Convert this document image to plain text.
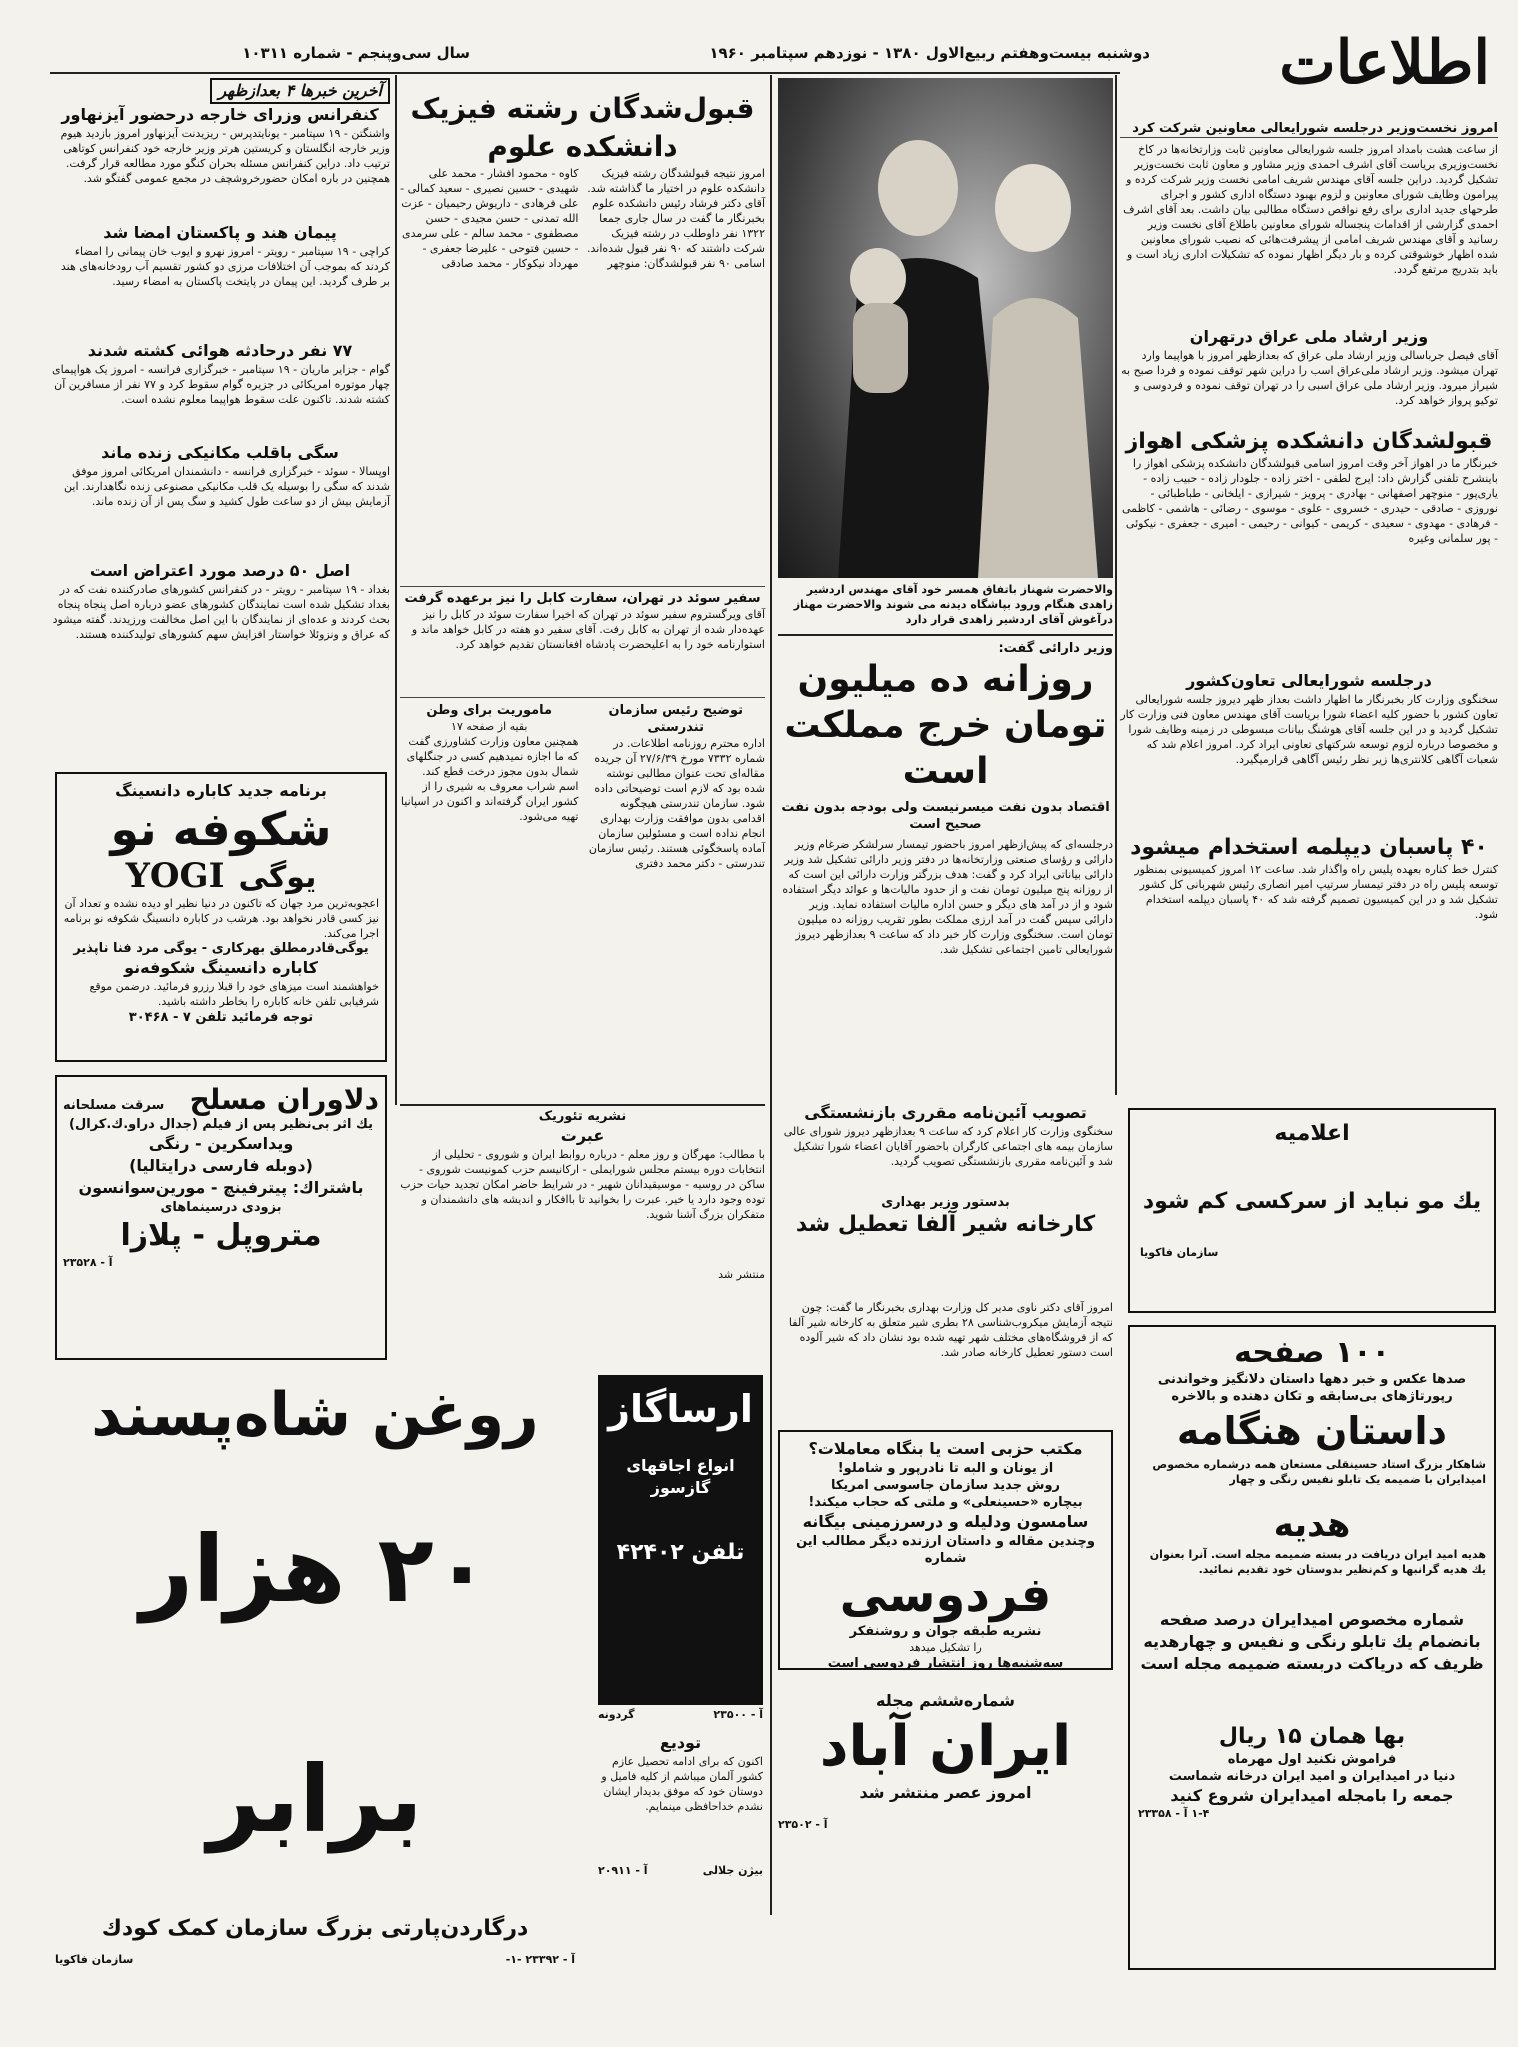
اطلاعات
دوشنبه بیست‌وهفتم ربیع‌الاول ۱۳۸۰ - نوزدهم سپتامبر ۱۹۶۰
سال سی‌وپنجم - شماره ۱۰۳۱۱
امروز نخست‌وزیر درجلسه شورایعالی معاونین شرکت کرد
از ساعت هشت بامداد امروز جلسه شورایعالی معاونین ثابت وزارتخانه‌ها در کاخ نخست‌وزیری بریاست آقای اشرف احمدی وزیر مشاور و معاون ثابت نخست‌وزیر تشکیل گردید. دراین جلسه آقای مهندس شریف امامی نخست وزیر شرکت کرده و پیرامون وظایف شورای معاونین و لزوم بهبود دستگاه اداری کشور و اجرای طرحهای جدید اداری برای رفع نواقص دستگاه مطالبی بیان داشت. بعد آقای اشرف احمدی گزارشی از اقدامات پنجساله شورای معاونین باطلاع آقای نخست وزیر رسانید و آقای مهندس شریف امامی از پیشرفت‌هائی که نصیب شورای معاونین شده اظهار خوشوقتی کرده و بار دیگر اظهار نموده که تشکیلات اداری زیاد است و باید بتدریج مرتفع گردد.
وزیر ارشاد ملی عراق درتهران
آقای فیصل جرباسالی وزیر ارشاد ملی عراق که بعدازظهر امروز با هواپیما وارد تهران میشود. وزیر ارشاد ملی‌عراق اسب را دراین شهر توقف نموده و فردا صبح به شیراز میرود. وزیر ارشاد ملی عراق اسبی را در تهران توقف نموده و فردوسی و توکیو پرواز خواهد کرد.
قبولشدگان دانشکده پزشکی اهواز
خبرنگار ما در اهواز آخر وقت امروز اسامی قبولشدگان دانشکده پزشکی اهواز را باینشرح تلفنی گزارش داد: ایرج لطفی - اختر زاده - جلودار زاده - حبیب زاده - یاری‌پور - منوچهر اصفهانی - بهادری - پرویز - شیرازی - ایلخانی - طباطبائی - نوروزی - صادقی - حیدری - خسروی - علوی - موسوی - رضائی - هاشمی - کاظمی - فرهادی - مهدوی - سعیدی - کریمی - کیوانی - رحیمی - امیری - جعفری - نیکوئی - پور سلمانی وغیره
درجلسه شورایعالی تعاون‌کشور
سخنگوی وزارت کار بخبرنگار ما اظهار داشت بعداز ظهر دیروز جلسه شورایعالی تعاون کشور با حضور کلیه اعضاء شورا بریاست آقای مهندس معاون فنی وزارت کار تشکیل گردید و در این جلسه آقای هوشنگ بیانات مبسوطی در زمینه وظایف شورا و مخصوصا درباره لزوم توسعه شرکتهای تعاونی ایراد کرد. امروز اعلام شد که شعبات آگاهی کلانتری‌ها زیر نظر رئیس آگاهی قرارمیگیرد.
۴۰ پاسبان دیپلمه استخدام میشود
کنترل خط کناره بعهده پلیس راه واگذار شد. ساعت ۱۲ امروز کمیسیونی بمنظور توسعه پلیس راه در دفتر تیمسار سرتیپ امیر انصاری رئیس شهربانی کل کشور تشکیل شد و در این کمیسیون تصمیم گرفته شد که ۴۰ پاسبان دیپلمه استخدام شود.
والاحضرت شهناز باتفاق همسر خود آقای مهندس اردشیر زاهدی هنگام ورود بپاشگاه دیدنه می شوند والاحضرت مهناز درآغوش آقای اردشیر زاهدی قرار دارد
وزیر دارائی گفت:
روزانه ده میلیون تومان خرج مملکت است
اقتصاد بدون نفت میسرنیست ولی بودجه بدون نفت صحیح است
درجلسه‌ای که پیش‌ازظهر امروز باحضور تیمسار سرلشکر ضرغام وزیر دارائی و رؤسای صنعتی وزارتخانه‌ها در دفتر وزیر دارائی تشکیل شد وزیر دارائی بیاناتی ایراد کرد و گفت: هدف بزرگتر وزارت دارائی این است که از روزانه پنج میلیون تومان نفت و از حدود مالیات‌ها و عوائد دیگر استفاده شود و از در آمد های دیگر و حسن اداره مالیات استفاده نماید. وزیر دارائی سپس گفت در آمد ارزی مملکت بطور تقریب روزانه ده میلیون تومان است. سخنگوی وزارت کار خبر داد که ساعت ۹ بعدازظهر دیروز شورایعالی تامین اجتماعی تشکیل شد.
تصویب آئین‌نامه مقرری بازنشستگی
سخنگوی وزارت کار اعلام کرد که ساعت ۹ بعدازظهر دیروز شورای عالی سازمان بیمه های اجتماعی کارگران باحضور آقایان اعضاء شورا تشکیل شد و آئین‌نامه مقرری بازنشستگی تصویب گردید.
بدستور وزیر بهداری
کارخانه شیر آلفا تعطیل شد
امروز آقای دکتر ناوی مدیر کل وزارت بهداری بخبرنگار ما گفت: چون نتیجه آزمایش میکروب‌شناسی ۲۸ بطری شیر متعلق به کارخانه شیر آلفا که از فروشگاه‌های مختلف شهر تهیه شده بود نشان داد که شیر آلوده است دستور تعطیل کارخانه صادر شد.
قبول‌شدگان رشته فیزیک دانشکده علوم
امروز نتیجه قبولشدگان رشته فیزیک دانشکده علوم در اختیار ما گذاشته شد. آقای دکتر فرشاد رئیس دانشکده علوم بخبرنگار ما گفت در سال جاری جمعا ۱۳۲۲ نفر داوطلب در رشته فیزیک شرکت داشتند که ۹۰ نفر قبول شده‌اند. اسامی ۹۰ نفر قبولشدگان: منوچهر کاوه - محمود افشار - محمد علی شهیدی - حسین نصیری - سعید کمالی - علی فرهادی - داریوش رحیمیان - عزت الله تمدنی - حسن مجیدی - حسن مصطفوی - محمد سالم - علی سرمدی - حسین فتوحی - علیرضا جعفری - مهرداد نیکوکار - محمد صادقی
سفیر سوئد در تهران، سفارت کابل را نیز برعهده گرفت
آقای ویرگستروم سفیر سوئد در تهران که اخیرا سفارت سوئد در کابل را نیز عهده‌دار شده از تهران به کابل رفت. آقای سفیر دو هفته در کابل خواهد ماند و استوارنامه خود را به اعلیحضرت پادشاه افغانستان تقدیم خواهد کرد.
ماموریت برای وطن
بقیه از صفحه ۱۷
همچنین معاون وزارت کشاورزی گفت که ما اجازه نمیدهیم کسی در جنگلهای شمال بدون مجوز درخت قطع کند. اسم شراب معروف به شیری را از کشور ایران گرفته‌اند و اکنون در اسپانیا تهیه می‌شود.
توضیح رئیس سازمان تندرستی
اداره محترم روزنامه اطلاعات. در شماره ۷۳۳۲ مورخ ۲۷/۶/۳۹ آن جریده مقاله‌ای تحت عنوان مطالبی نوشته شده بود که لازم است توضیحاتی داده شود. سازمان تندرستی هیچگونه اقدامی بدون موافقت وزارت بهداری انجام نداده است و مسئولین سازمان آماده پاسخگوئی هستند. رئیس سازمان تندرستی - دکتر محمد دفتری
نشریه تئوریک
عبرت
با مطالب: مهرگان و روز معلم - درباره روابط ایران و شوروی - تحلیلی از انتخابات دوره بیستم مجلس شورایملی - ارکانیسم حزب کمونیست شوروی - ساکن در روسیه - موسیقیدانان شهیر - در شرایط حاضر امکان تجدید حیات حزب توده وجود دارد یا خیر. عبرت را بخوانید تا باافکار و اندیشه های دانشمندان و متفکران بزرگ آشنا شوید.
منتشر شد
آخرین خبرها ۴ بعدازظهر
کنفرانس وزرای خارجه درحضور آیزنهاور
واشنگتن - ۱۹ سپتامبر - یونایتدپرس - ریزیدنت آیزنهاور امروز بازدید هیوم وزیر خارجه انگلستان و کریستین هرتر وزیر خارجه خود کنفرانس کوتاهی ترتیب داد. دراین کنفرانس مسئله بحران کنگو مورد مطالعه قرار گرفت. همچنین در باره امکان حضورخروشچف در مجمع عمومی گفتگو شد.
پیمان هند و پاکستان امضا شد
کراچی - ۱۹ سپتامبر - رویتر - امروز نهرو و ایوب خان پیمانی را امضاء کردند که بموجب آن اختلافات مرزی دو کشور تقسیم آب رودخانه‌های هند بر طرف گردید. این پیمان در پایتخت پاکستان به امضاء رسید.
۷۷ نفر درحادثه هوائی کشته شدند
گوام - جزایر ماریان - ۱۹ سپتامبر - خبرگزاری فرانسه - امروز یک هواپیمای چهار موتوره امریکائی در جزیره گوام سقوط کرد و ۷۷ نفر از مسافرین آن کشته شدند. تاکنون علت سقوط هواپیما معلوم نشده است.
سگی باقلب مکانیکی زنده ماند
اوپسالا - سوئد - خبرگزاری فرانسه - دانشمندان امریکائی امروز موفق شدند که سگی را بوسیله یک قلب مکانیکی مصنوعی زنده نگاهدارند. این آزمایش بیش از دو ساعت طول کشید و سگ پس از آن زنده ماند.
اصل ۵۰ درصد مورد اعتراض است
بغداد - ۱۹ سپتامبر - رویتر - در کنفرانس کشورهای صادرکننده نفت که در بغداد تشکیل شده است نمایندگان کشورهای عضو درباره اصل پنجاه پنجاه بحث کردند و عده‌ای از نمایندگان با این اصل مخالفت ورزیدند. گفته میشود که عراق و ونزوئلا خواستار افزایش سهم کشورهای تولیدکننده هستند.
برنامه جدید کاباره دانسینگ
شکوفه نو
یوگی
YOGI
اعجوبه‌ترین مرد جهان که تاکنون در دنیا نظیر او دیده نشده و تعداد آن نیز کسی قادر نخواهد بود. هرشب در کاباره دانسینگ شکوفه نو برنامه اجرا می‌کند.
یوگی‌قادرمطلق بهرکاری - یوگی مرد فنا ناپذیر
کاباره دانسینگ شکوفه‌نو
خواهشمند است میزهای خود را قبلا رزرو فرمائید. درضمن موقع شرفیابی تلفن خانه کاباره را بخاطر داشته باشید.
توجه فرمائید تلفن ۷ - ۳۰۴۶۸
دلاوران مسلح
سرقت مسلحانه
یك اثر بی‌نظیر پس از فیلم (جدال دراو.ك.كرال)
ویداسکرین - رنگی
(دوبله فارسی درایتالیا)
باشتراك: پیترفینچ - مورین‌سوانسون
بزودی درسینماهای
متروپل - پلازا
آ - ۲۳۵۲۸
اعلامیه
یك مو نباید از سرکسی کم شود
سازمان فاکویا
۱۰۰ صفحه
صدها عکس و خبر دهها داستان دلانگیز وخواندنی
رپورتاژهای بی‌سابقه و تکان دهنده و بالاخره
داستان هنگامه
شاهکار بزرگ استاد حسینقلی مستعان همه درشماره مخصوص امیدایران با ضمیمه یک تابلو نفیس رنگی و چهار
هدیه
هدیه امید ایران دریافت در بسته ضمیمه مجله است. آنرا بعنوان یك هدیه گرانبها و کم‌نظیر بدوستان خود تقدیم نمائید.
شماره مخصوص امیدایران درصد صفحه بانضمام یك تابلو رنگی و نفیس و چهارهدیه ظریف که دریاکت دربسته ضمیمه مجله است
بها همان ۱۵ ریال
فراموش نکنید اول مهرماه
دنیا در امیدایران و امید ایران درخانه شماست
جمعه را بامجله امیدایران شروع کنید
۱-۴ آ - ۲۳۳۵۸
مکتب حزبی است یا بنگاه معاملات؟
از یونان و البه تا نادرپور و شاملو!
روش جدید سازمان جاسوسی امریکا
بیچاره «حسینعلی» و ملتی که حجاب میکند!
سامسون ودلیله و درسرزمینی بیگانه
وچندین مقاله و داستان ارزنده دیگر مطالب این شماره
فردوسی
نشریه طبقه جوان و روشنفکر
را تشکیل میدهد
سه‌شنبه‌ها روز انتشار فردوسی است
شماره‌ششم مجله
ایران آباد
امروز عصر منتشر شد
آ - ۲۳۵۰۲
روغن شاه‌پسند
۲۰ هزار برابر
درگاردن‌پارتی بزرگ سازمان کمک کودك
آ - ۲۳۳۹۲ -۱-
سازمان فاکویا
ارساگاز
انواع اجاقهای گازسوز
تلفن ۴۲۴۰۲
آ - ۲۳۵۰۰
گردونه
تودیع
اکنون که برای ادامه تحصیل عازم کشور آلمان میباشم از کلیه فامیل و دوستان خود که موفق بدیدار ایشان نشدم خداحافظی مینمایم.
بیژن جلالی
آ - ۲۰۹۱۱
